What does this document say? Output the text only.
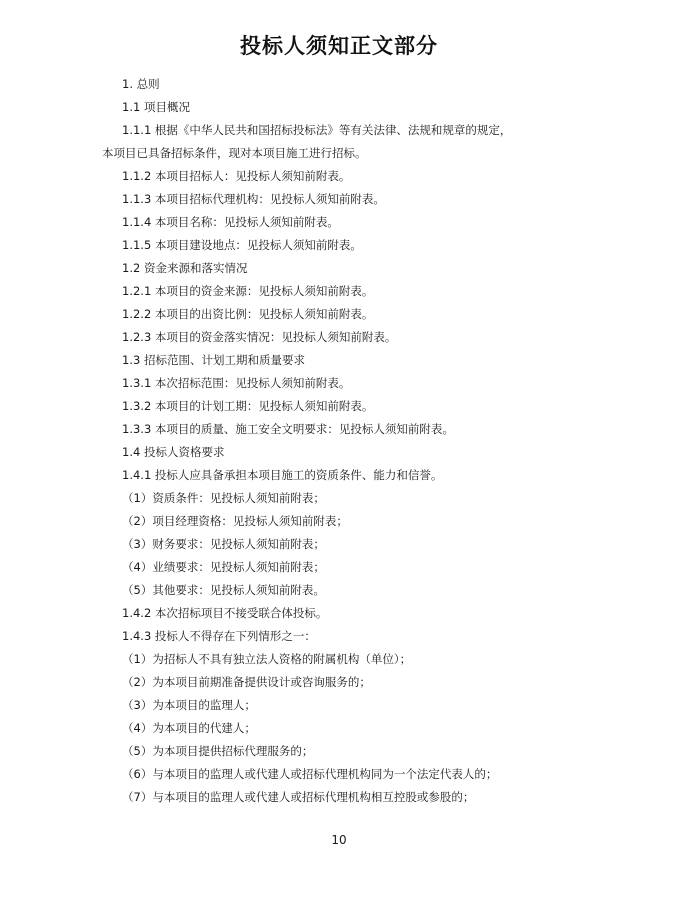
投标人须知正文部分
1. 总则
1.1 项目概况
1.1.1 根据《中华人民共和国招标投标法》等有关法律、法规和规章的规定，
本项目已具备招标条件，现对本项目施工进行招标。
1.1.2 本项目招标人：见投标人须知前附表。
1.1.3 本项目招标代理机构：见投标人须知前附表。
1.1.4 本项目名称：见投标人须知前附表。
1.1.5 本项目建设地点：见投标人须知前附表。
1.2 资金来源和落实情况
1.2.1 本项目的资金来源：见投标人须知前附表。
1.2.2 本项目的出资比例：见投标人须知前附表。
1.2.3 本项目的资金落实情况：见投标人须知前附表。
1.3 招标范围、计划工期和质量要求
1.3.1 本次招标范围：见投标人须知前附表。
1.3.2 本项目的计划工期：见投标人须知前附表。
1.3.3 本项目的质量、施工安全文明要求：见投标人须知前附表。
1.4 投标人资格要求
1.4.1 投标人应具备承担本项目施工的资质条件、能力和信誉。
（1）资质条件：见投标人须知前附表；
（2）项目经理资格：见投标人须知前附表；
（3）财务要求：见投标人须知前附表；
（4）业绩要求：见投标人须知前附表；
（5）其他要求：见投标人须知前附表。
1.4.2 本次招标项目不接受联合体投标。
1.4.3 投标人不得存在下列情形之一：
（1）为招标人不具有独立法人资格的附属机构（单位）；
（2）为本项目前期准备提供设计或咨询服务的；
（3）为本项目的监理人；
（4）为本项目的代建人；
（5）为本项目提供招标代理服务的；
（6）与本项目的监理人或代建人或招标代理机构同为一个法定代表人的；
（7）与本项目的监理人或代建人或招标代理机构相互控股或参股的；
10
